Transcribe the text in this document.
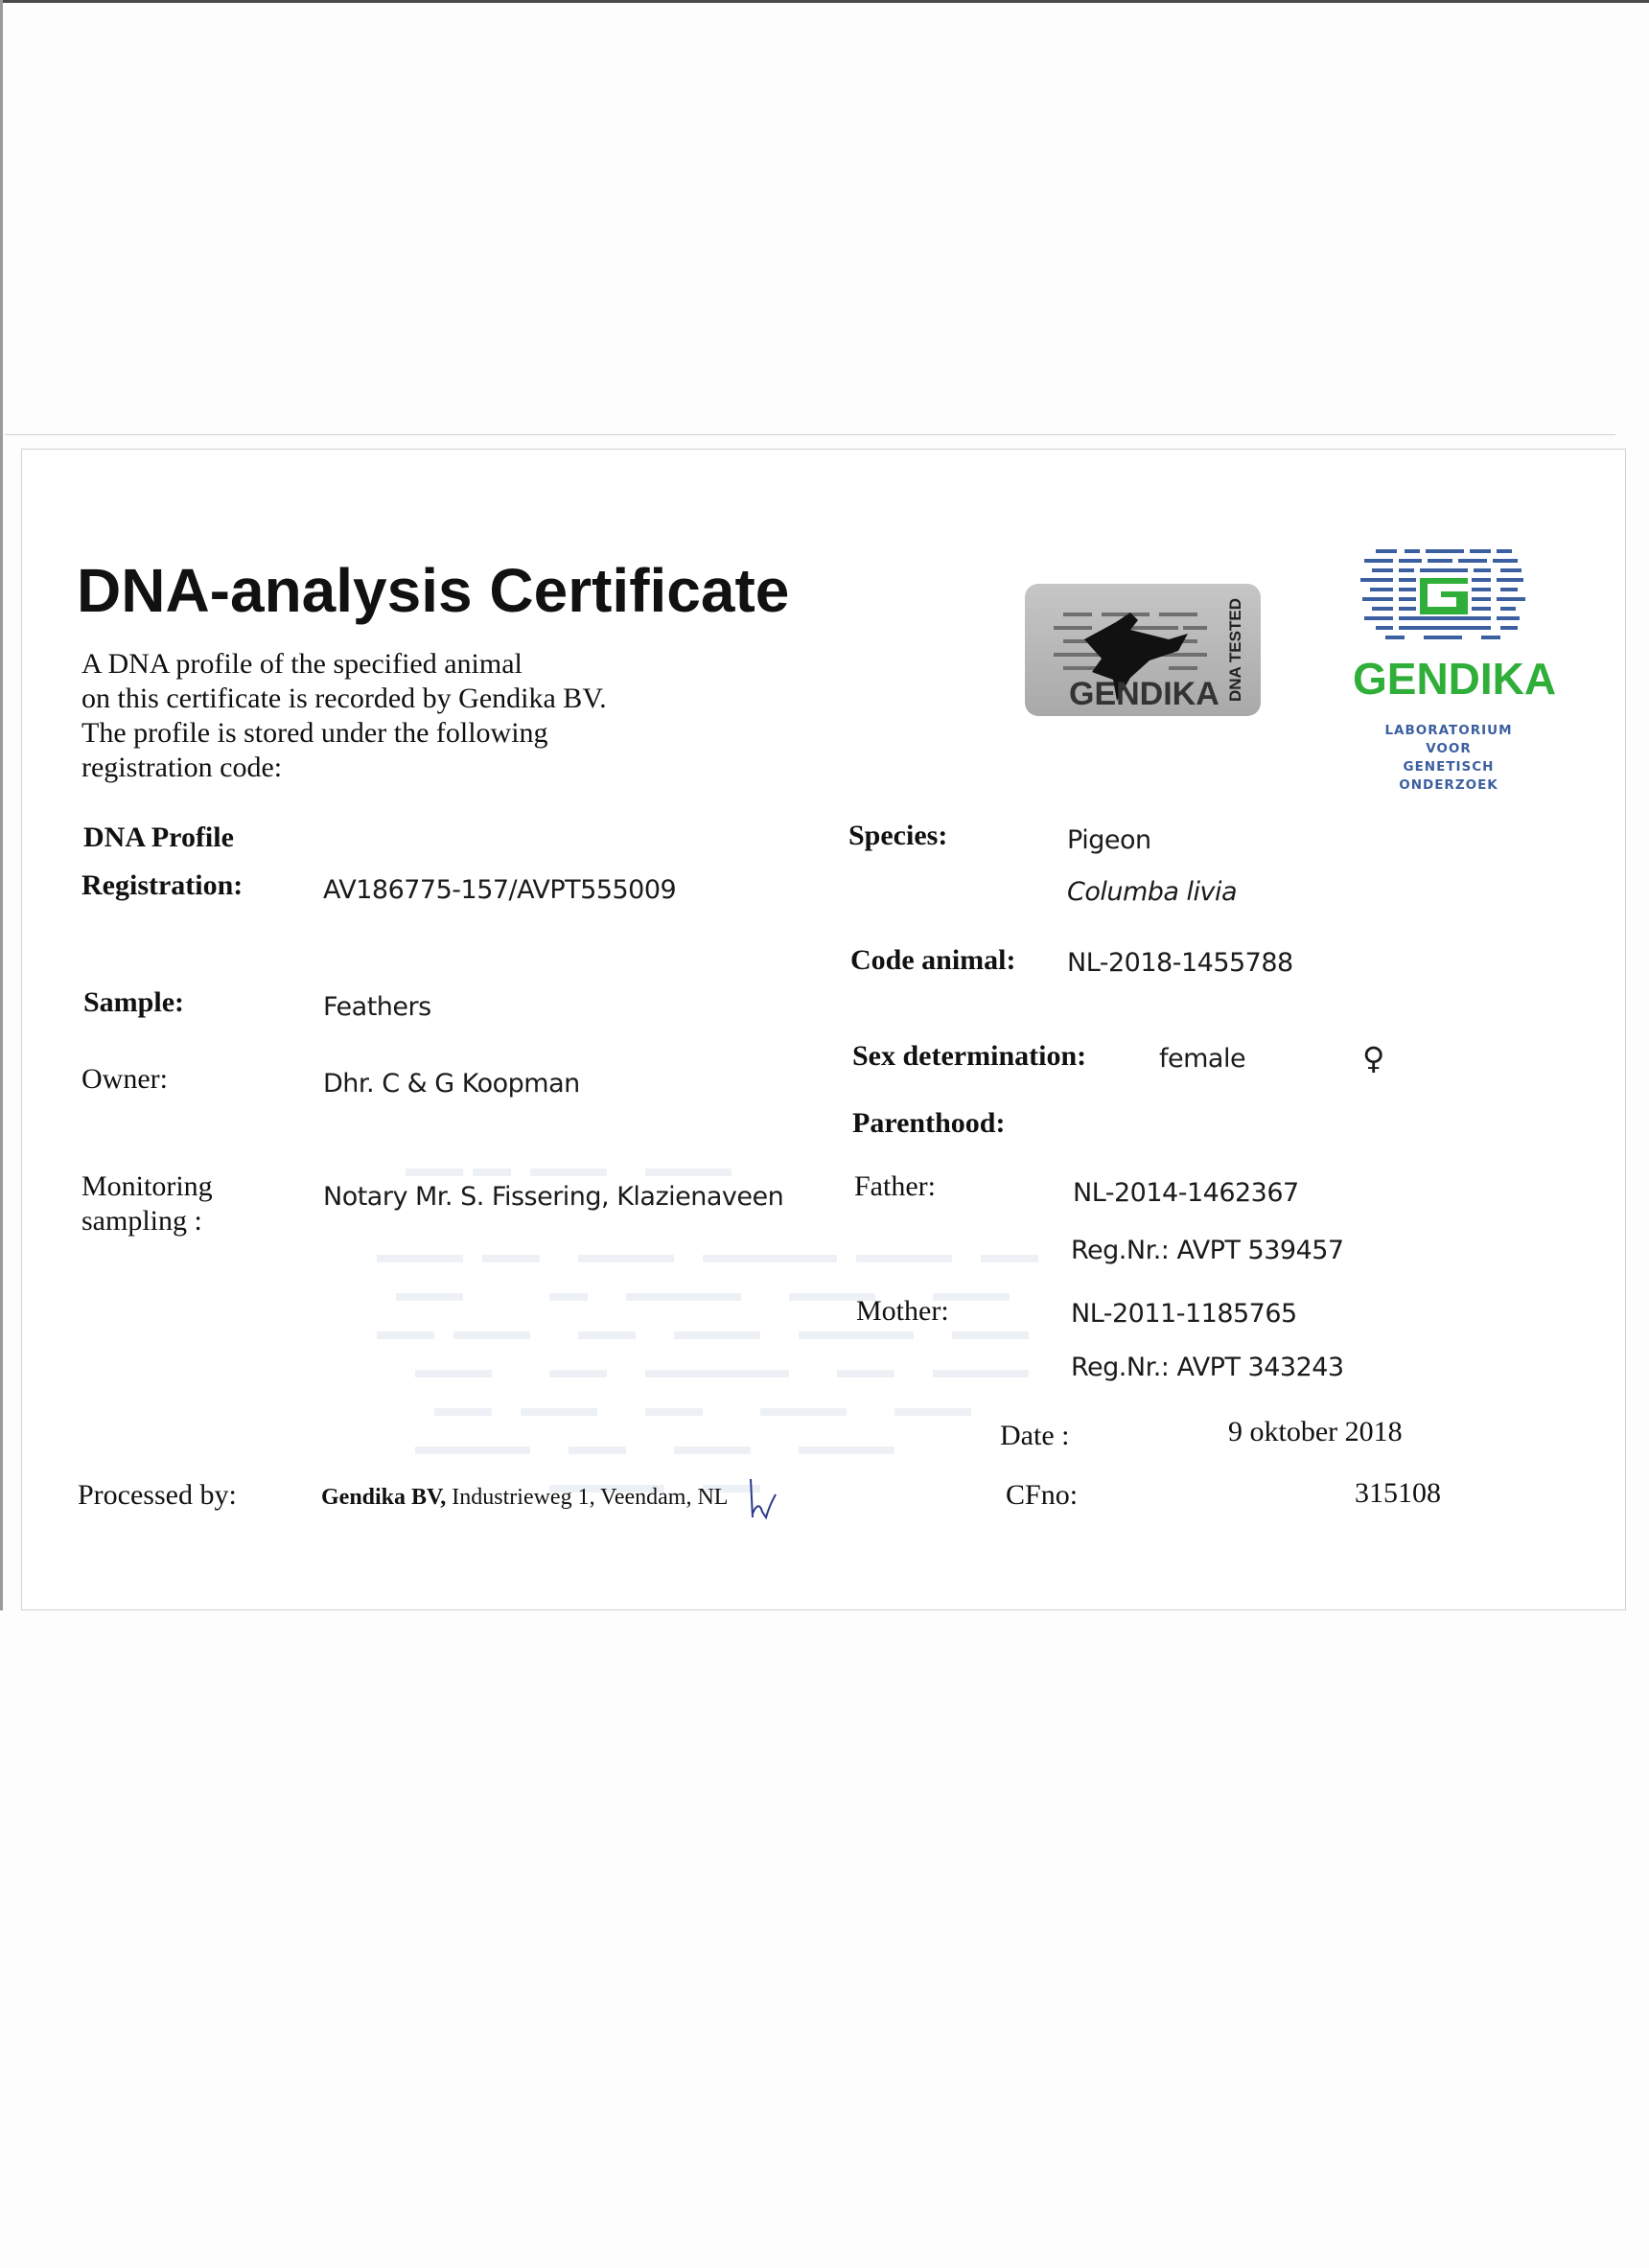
DNA-analysis Certificate
A DNA profile of the specified animal
on this certificate is recorded by Gendika BV.
The profile is stored under the following
registration code:
GENDIKA DNA TESTED GENDIKA
LABORATORIUM VOOR
GENETISCH ONDERZOEK
DNA Profile
Registration:	AV186775-157/AVPT555009
Sample:	Feathers
Owner:	Dhr. C & G Koopman
Monitoring
sampling :
Notary Mr. S. Fissering, Klazienaveen
Processed by:	Gendika BV, Industrieweg 1, Veendam, NL
Species:	Pigeon
Columba livia
Code animal: NL-2018-1455788
Sex determination:	female	♀
Parenthood:
Father:	NL-2014-1462367
Reg.Nr.: AVPT 539457
Mother:	NL-2011-1185765
Reg.Nr.: AVPT 343243
Date :	9 oktober 2018
CFno:	315108
